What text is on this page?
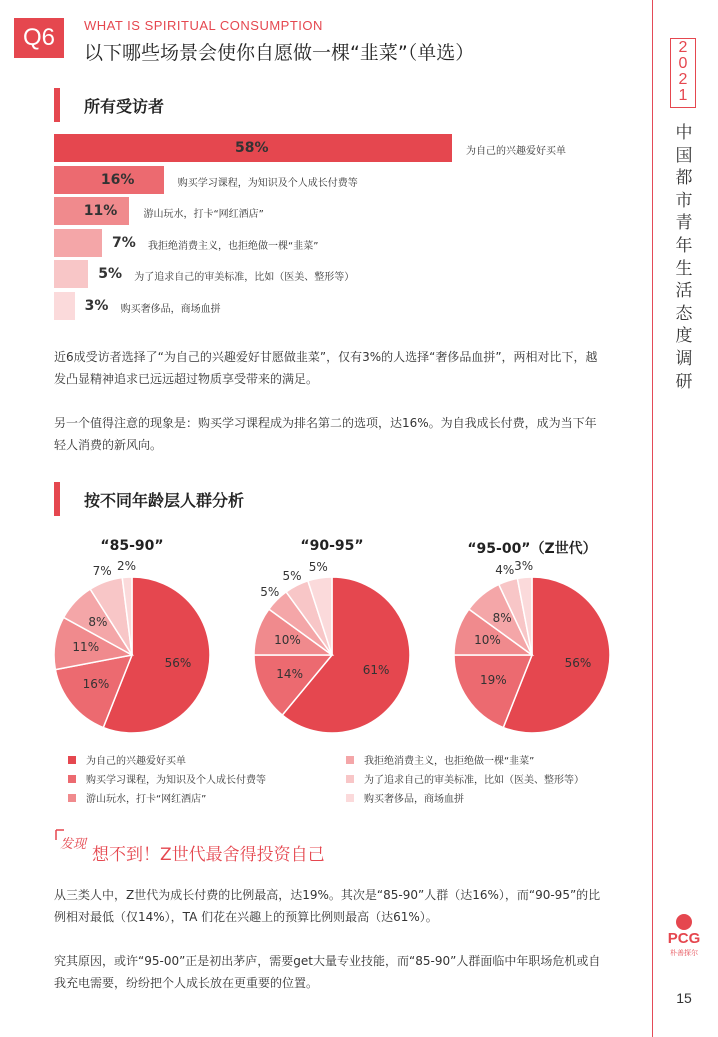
Q6	WHAT IS SPIRITUAL CONSUMPTION
以下哪些场景会使你自愿做一棵“韭菜”（单选）
所有受访者
58%	为自己的兴趣爱好买单
16%	购买学习课程，为知识及个人成长付费等
11%	游山玩水，打卡“网红酒店”
7% 我拒绝消费主义，也拒绝做一棵“韭菜”
5% 为了追求自己的审美标准，比如（医美、整形等）
3% 购买奢侈品，商场血拼
近6成受访者选择了“为自己的兴趣爱好甘愿做韭菜”，仅有3%的人选择“奢侈品血拼”，两相对比下，越发凸显精神追求已远远超过物质享受带来的满足。
另一个值得注意的现象是：购买学习课程成为排名第二的选项，达16%。为自我成长付费，成为当下年轻人消费的新风向。
按不同年龄层人群分析
“85-90”
56%
16%
11%
8%
7% 2%
“90-95”
61%
14%
10%
5%
5%
5%
“95-00”（Z世代）
56%
19%
10%
8%
4% 3%
为自己的兴趣爱好买单
购买学习课程，为知识及个人成长付费等
游山玩水，打卡“网红酒店”
我拒绝消费主义，也拒绝做一棵“韭菜”
为了追求自己的审美标准，比如（医美、整形等）
购买奢侈品，商场血拼
发现
想不到！Z世代最舍得投资自己
从三类人中，Z世代为成长付费的比例最高，达19%。其次是“85-90”人群（达16%），而“90-95”的比例相对最低（仅14%），TA 们花在兴趣上的预算比例则最高（达61%）。
究其原因，或许“95-00”正是初出茅庐，需要get大量专业技能，而“85-90”人群面临中年职场危机或自我充电需要，纷纷把个人成长放在更重要的位置。
2
0
2
1
中
国
都
市
青
年
生
活
态
度
调
研
PCG
朴善探尔
15
